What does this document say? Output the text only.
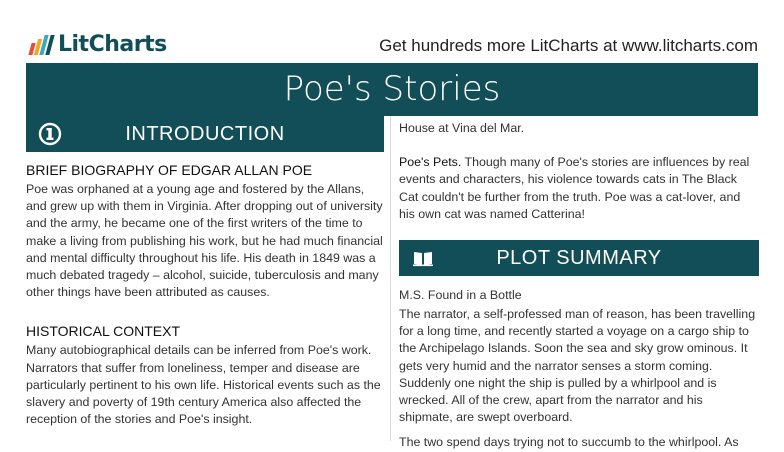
LitCharts	Get hundreds more LitCharts at www.litcharts.com
Poe's Stories
INTRODUCTION
BRIEF BIOGRAPHY OF EDGAR ALLAN POE

Poe was orphaned at a young age and fostered by the Allans, and grew up with them in Virginia. After dropping out of university and the army, he became one of the first writers of the time to make a living from publishing his work, but he had much financial and mental difficulty throughout his life. His death in 1849 was a much debated tragedy – alcohol, suicide, tuberculosis and many other things have been attributed as causes.

HISTORICAL CONTEXT

Many autobiographical details can be inferred from Poe's work. Narrators that suffer from loneliness, temper and disease are particularly pertinent to his own life. Historical events such as the slavery and poverty of 19th century America also affected the reception of the stories and Poe's insight.

House at Vina del Mar.

Poe's Pets. Though many of Poe's stories are influences by real events and characters, his violence towards cats in The Black Cat couldn't be further from the truth. Poe was a cat-lover, and his own cat was named Catterina!

PLOT SUMMARY
M.S. Found in a Bottle

The narrator, a self-professed man of reason, has been travelling for a long time, and recently started a voyage on a cargo ship to the Archipelago Islands. Soon the sea and sky grow ominous. It gets very humid and the narrator senses a storm coming. Suddenly one night the ship is pulled by a whirlpool and is wrecked. All of the crew, apart from the narrator and his shipmate, are swept overboard.

The two spend days trying not to succumb to the whirlpool. As
